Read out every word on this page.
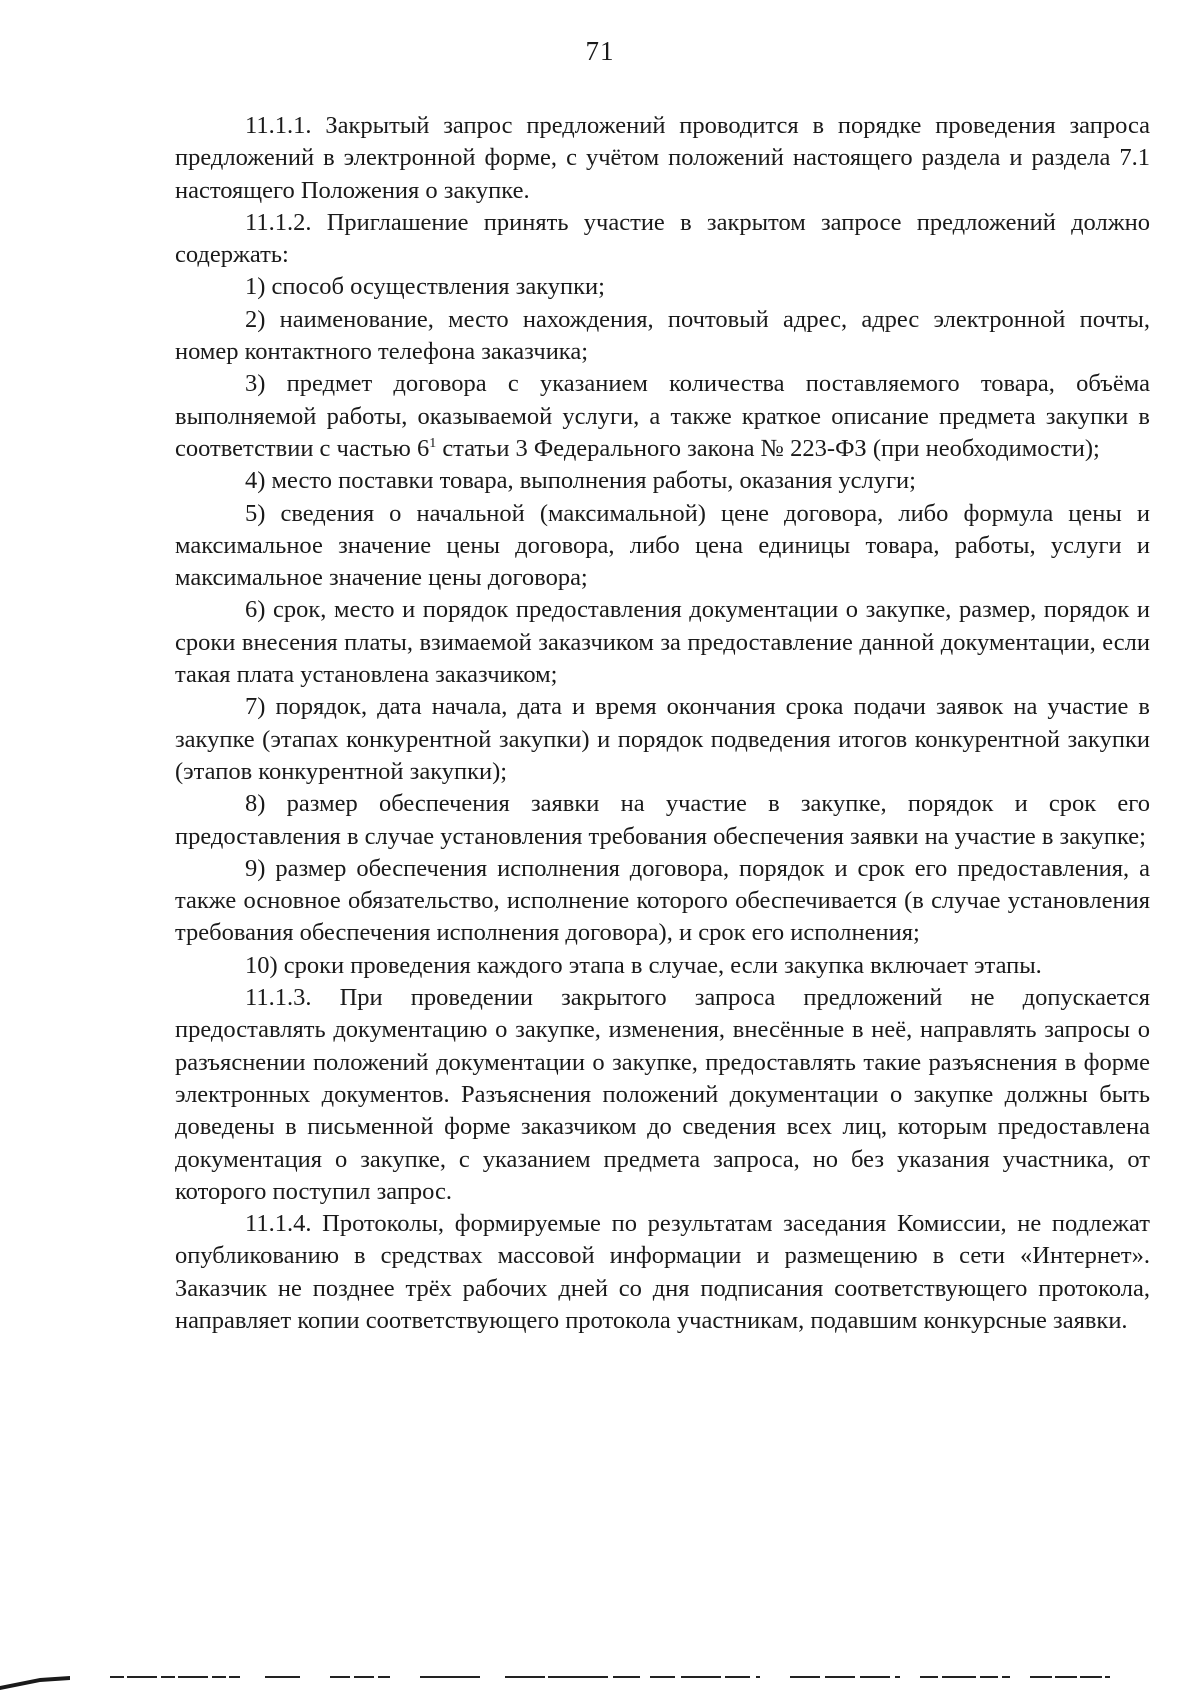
71

11.1.1. Закрытый запрос предложений проводится в порядке проведения запроса предложений в электронной форме, с учётом положений настоящего раздела и раздела 7.1 настоящего Положения о закупке.

11.1.2. Приглашение принять участие в закрытом запросе предложений должно содержать:

1) способ осуществления закупки;

2) наименование, место нахождения, почтовый адрес, адрес электронной почты, номер контактного телефона заказчика;

3) предмет договора с указанием количества поставляемого товара, объёма выполняемой работы, оказываемой услуги, а также краткое описание предмета закупки в соответствии с частью $6^1$ статьи 3 Федерального закона № 223-ФЗ (при необходимости);

4) место поставки товара, выполнения работы, оказания услуги;

5) сведения о начальной (максимальной) цене договора, либо формула цены и максимальное значение цены договора, либо цена единицы товара, работы, услуги и максимальное значение цены договора;

6) срок, место и порядок предоставления документации о закупке, размер, порядок и сроки внесения платы, взимаемой заказчиком за предоставление данной документации, если такая плата установлена заказчиком;

7) порядок, дата начала, дата и время окончания срока подачи заявок на участие в закупке (этапах конкурентной закупки) и порядок подведения итогов конкурентной закупки (этапов конкурентной закупки);

8) размер обеспечения заявки на участие в закупке, порядок и срок его предоставления в случае установления требования обеспечения заявки на участие в закупке;

9) размер обеспечения исполнения договора, порядок и срок его предоставления, а также основное обязательство, исполнение которого обеспечивается (в случае установления требования обеспечения исполнения договора), и срок его исполнения;

10) сроки проведения каждого этапа в случае, если закупка включает этапы.

11.1.3. При проведении закрытого запроса предложений не допускается предоставлять документацию о закупке, изменения, внесённые в неё, направлять запросы о разъяснении положений документации о закупке, предоставлять такие разъяснения в форме электронных документов. Разъяснения положений документации о закупке должны быть доведены в письменной форме заказчиком до сведения всех лиц, которым предоставлена документация о закупке, с указанием предмета запроса, но без указания участника, от которого поступил запрос.

11.1.4. Протоколы, формируемые по результатам заседания Комиссии, не подлежат опубликованию в средствах массовой информации и размещению в сети «Интернет». Заказчик не позднее трёх рабочих дней со дня подписания соответствующего протокола, направляет копии соответствующего протокола участникам, подавшим конкурсные заявки.
